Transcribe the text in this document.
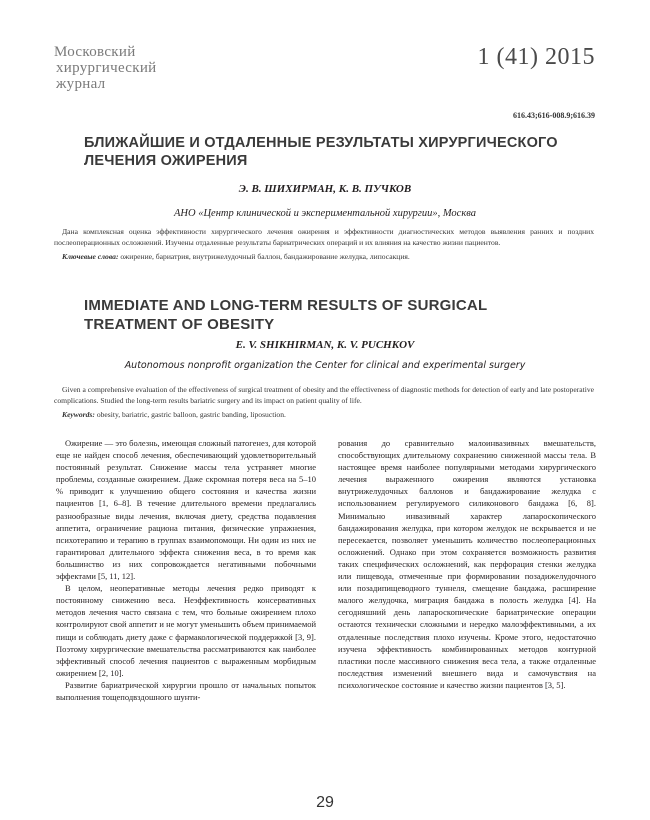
Московский
хирургический
журнал
1 (41) 2015
616.43;616-008.9;616.39
БЛИЖАЙШИЕ И ОТДАЛЕННЫЕ РЕЗУЛЬТАТЫ ХИРУРГИЧЕСКОГО ЛЕЧЕНИЯ ОЖИРЕНИЯ
Э. В. ШИХИРМАН, К. В. ПУЧКОВ
АНО «Центр клинической и экспериментальной хирургии», Москва
Дана комплексная оценка эффективности хирургического лечения ожирения и эффективности диагностических методов выявления ранних и поздних послеоперационных осложнений. Изучены отдаленные результаты бариатрических операций и их влияния на качество жизни пациентов.
Ключевые слова: ожирение, бариатрия, внутрижелудочный баллон, бандажирование желудка, липосакция.
IMMEDIATE AND LONG-TERM RESULTS OF SURGICAL TREATMENT OF OBESITY
E. V. SHIKHIRMAN, K. V. PUCHKOV
Autonomous nonprofit organization the Center for clinical and experimental surgery
Given a comprehensive evaluation of the effectiveness of surgical treatment of obesity and the effectiveness of diagnostic methods for detection of early and late postoperative complications. Studied the long-term results bariatric surgery and its impact on patient quality of life.
Keywords: obesity, bariatric, gastric balloon, gastric banding, liposuction.

Ожирение — это болезнь, имеющая сложный патогенез, для которой еще не найден способ лечения, обеспечивающий удовлетворительный постоянный результат. Снижение массы тела устраняет многие проблемы, созданные ожирением. Даже скромная потеря веса на 5–10 % приводит к улучшению общего состояния и качества жизни пациентов [1, 6–8]. В течение длительного времени предлагались разнообразные виды лечения, включая диету, средства подавления аппетита, ограничение рациона питания, физические упражнения, психотерапию и терапию в группах взаимопомощи. Ни один из них не гарантировал длительного эффекта снижения веса, в то время как большинство из них сопровождается негативными побочными эффектами [5, 11, 12].

В целом, неоперативные методы лечения редко приводят к постоянному снижению веса. Неэффективность консервативных методов лечения часто связана с тем, что больные ожирением плохо контролируют свой аппетит и не могут уменьшить объем принимаемой пищи и соблюдать диету даже с фармакологической поддержкой [3, 9]. Поэтому хирургические вмешательства рассматриваются как наиболее эффективный способ лечения пациентов с выраженным морбидным ожирением [2, 10].

Развитие бариатрической хирургии прошло от начальных попыток выполнения тощеподвздошного шунти-

рования до сравнительно малоинвазивных вмешательств, способствующих длительному сохранению сниженной массы тела. В настоящее время наиболее популярными методами хирургического лечения выраженного ожирения являются установка внутрижелудочных баллонов и бандажирование желудка с использованием регулируемого силиконового бандажа [6, 8]. Минимально инвазивный характер лапароскопического бандажирования желудка, при котором желудок не вскрывается и не пересекается, позволяет уменьшить количество послеоперационных осложнений. Однако при этом сохраняется возможность развития таких специфических осложнений, как перфорация стенки желудка или пищевода, отмеченные при формировании позадижелудочного или позадипищеводного туннеля, смещение бандажа, расширение малого желудочка, миграция бандажа в полость желудка [4]. На сегодняшний день лапароскопические бариатрические операции остаются технически сложными и нередко малоэффективными, а их отдаленные последствия плохо изучены. Кроме этого, недостаточно изучена эффективность комбинированных методов контурной пластики после массивного снижения веса тела, а также отдаленные последствия изменений внешнего вида и самочувствия на психологическое состояние и качество жизни пациентов [3, 5].

29
